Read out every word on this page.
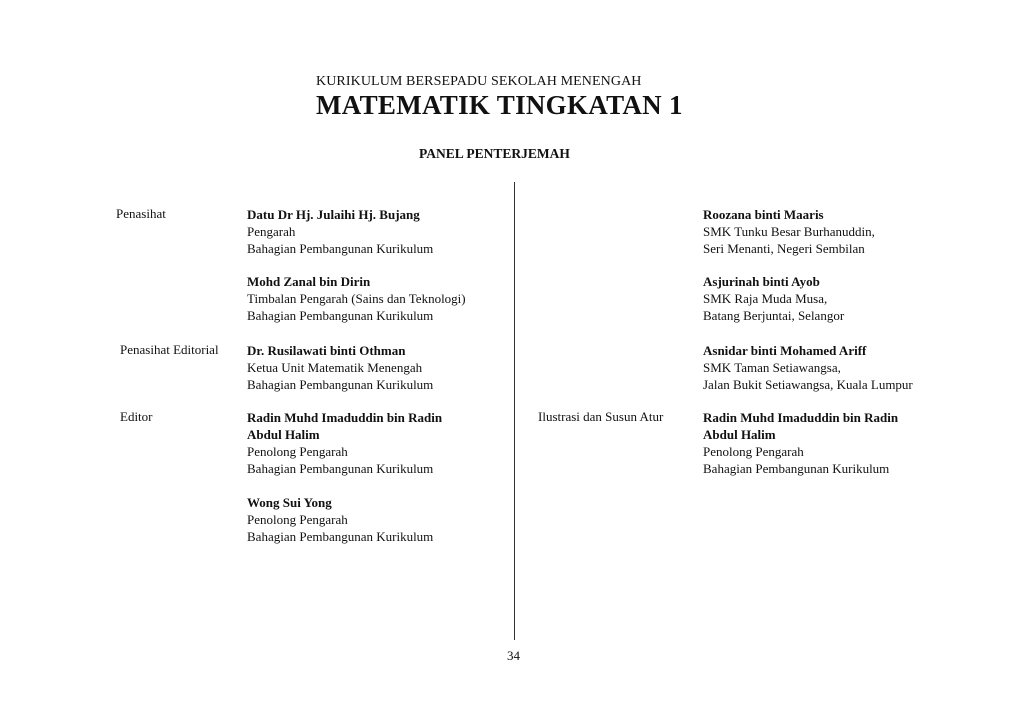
KURIKULUM BERSEPADU SEKOLAH MENENGAH
MATEMATIK TINGKATAN 1
PANEL PENTERJEMAH
Penasihat
Penasihat Editorial
Editor
Datu Dr Hj. Julaihi Hj. Bujang
Pengarah
Bahagian Pembangunan Kurikulum
Mohd Zanal bin Dirin
Timbalan Pengarah (Sains dan Teknologi)
Bahagian Pembangunan Kurikulum
Dr. Rusilawati binti Othman
Ketua Unit Matematik Menengah
Bahagian Pembangunan Kurikulum
Radin Muhd Imaduddin bin Radin
Abdul Halim
Penolong Pengarah
Bahagian Pembangunan Kurikulum
Wong Sui Yong
Penolong Pengarah
Bahagian Pembangunan Kurikulum
Ilustrasi dan Susun Atur
Roozana binti Maaris
SMK Tunku Besar Burhanuddin,
Seri Menanti, Negeri Sembilan
Asjurinah binti Ayob
SMK Raja Muda Musa,
Batang Berjuntai, Selangor
Asnidar binti Mohamed Ariff
SMK Taman Setiawangsa,
Jalan Bukit Setiawangsa, Kuala Lumpur
Radin Muhd Imaduddin bin Radin
Abdul Halim
Penolong Pengarah
Bahagian Pembangunan Kurikulum
34
